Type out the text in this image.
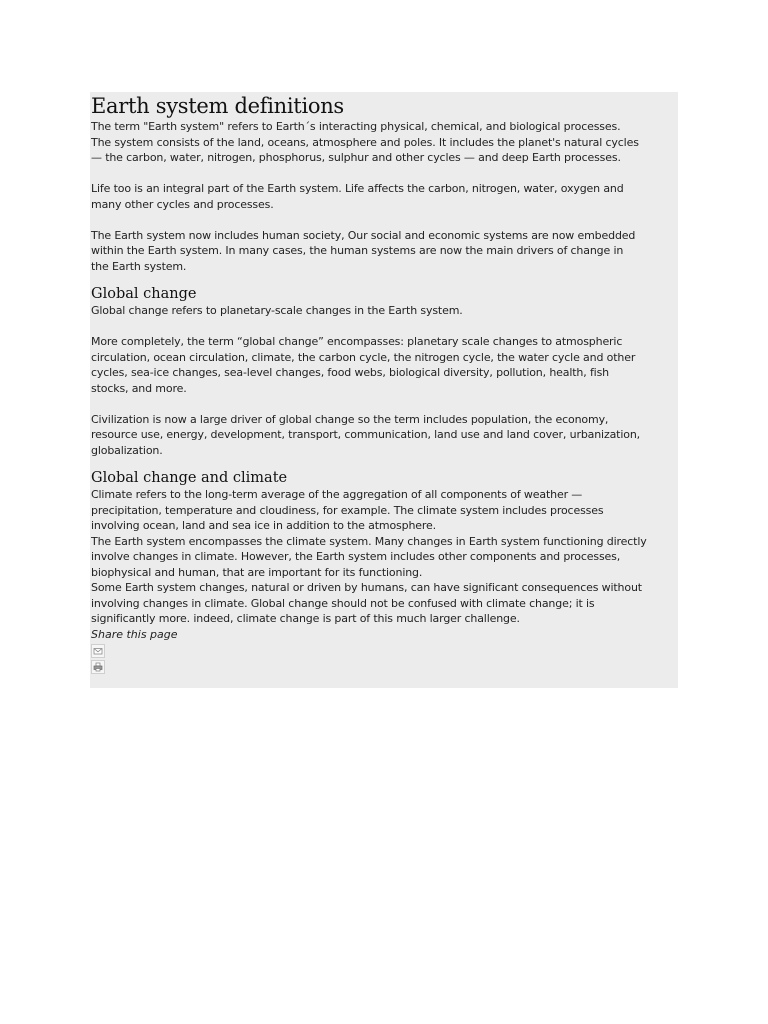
Earth system definitions

The term "Earth system" refers to Earth´s interacting physical, chemical, and biological processes.
The system consists of the land, oceans, atmosphere and poles. It includes the planet's natural cycles
— the carbon, water, nitrogen, phosphorus, sulphur and other cycles — and deep Earth processes.

Life too is an integral part of the Earth system. Life affects the carbon, nitrogen, water, oxygen and
many other cycles and processes.

The Earth system now includes human society, Our social and economic systems are now embedded
within the Earth system. In many cases, the human systems are now the main drivers of change in
the Earth system.

Global change

Global change refers to planetary-scale changes in the Earth system.

More completely, the term “global change” encompasses: planetary scale changes to atmospheric
circulation, ocean circulation, climate, the carbon cycle, the nitrogen cycle, the water cycle and other
cycles, sea-ice changes, sea-level changes, food webs, biological diversity, pollution, health, fish
stocks, and more.

Civilization is now a large driver of global change so the term includes population, the economy,
resource use, energy, development, transport, communication, land use and land cover, urbanization,
globalization.

Global change and climate

Climate refers to the long-term average of the aggregation of all components of weather —
precipitation, temperature and cloudiness, for example. The climate system includes processes
involving ocean, land and sea ice in addition to the atmosphere.

The Earth system encompasses the climate system. Many changes in Earth system functioning directly
involve changes in climate. However, the Earth system includes other components and processes,
biophysical and human, that are important for its functioning.

Some Earth system changes, natural or driven by humans, can have significant consequences without
involving changes in climate. Global change should not be confused with climate change; it is
significantly more. indeed, climate change is part of this much larger challenge.

Share this page
